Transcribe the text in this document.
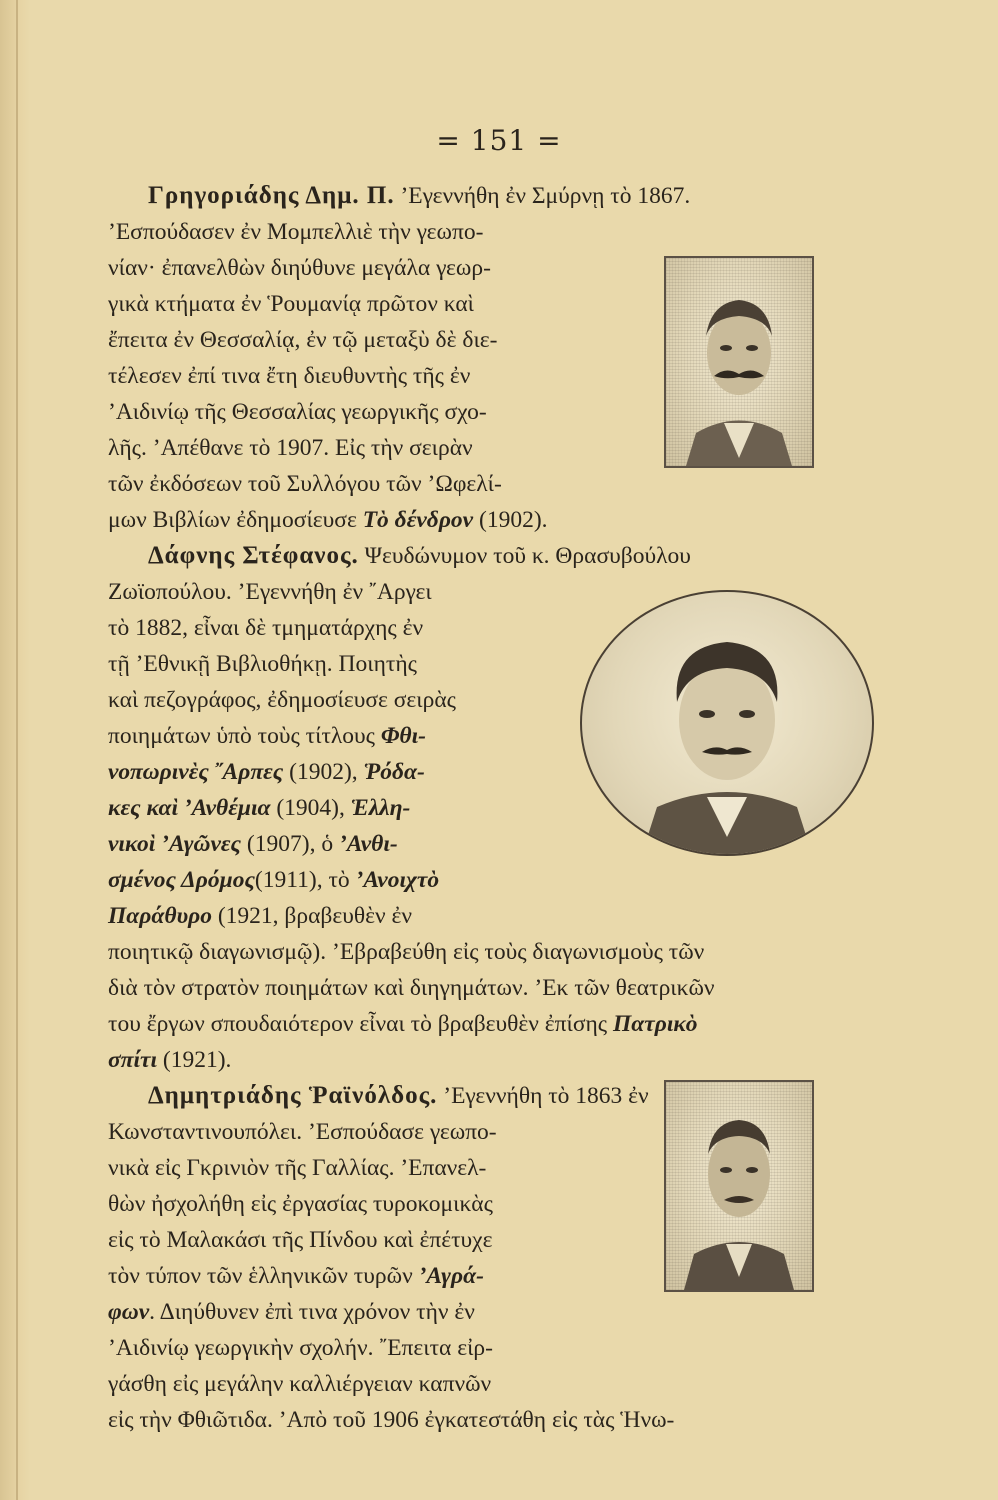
= 151 =
Γρηγοριάδης Δημ. Π. ’Εγεννήθη ἐν Σμύρνῃ τὸ 1867.
’Εσπούδασεν ἐν Μομπελλιὲ τὴν γεωπο-
νίαν· ἐπανελθὼν διηύθυνε μεγάλα γεωρ-
γικὰ κτήματα ἐν Ῥουμανίᾳ πρῶτον καὶ
ἔπειτα ἐν Θεσσαλίᾳ, ἐν τῷ μεταξὺ δὲ διε-
τέλεσεν ἐπί τινα ἔτη διευθυντὴς τῆς ἐν
’Αιδινίῳ τῆς Θεσσαλίας γεωργικῆς σχο-
λῆς. ’Απέθανε τὸ 1907. Εἰς τὴν σειρὰν
τῶν ἐκδόσεων τοῦ Συλλόγου τῶν ’Ωφελί-
μων Βιβλίων ἐδημοσίευσε Τὸ δένδρον (1902).
Δάφνης Στέφανος. Ψευδώνυμον τοῦ κ. Θρασυβούλου
Ζωϊοπούλου. ’Εγεννήθη ἐν ῎Αργει
τὸ 1882, εἶναι δὲ τμηματάρχης ἐν
τῇ ’Εθνικῇ Βιβλιοθήκῃ. Ποιητὴς
καὶ πεζογράφος, ἐδημοσίευσε σειρὰς
ποιημάτων ὑπὸ τοὺς τίτλους Φθι-
νοπωρινὲς ῎Αρπες (1902), Ῥόδα-
κες καὶ ’Ανθέμια (1904), Ἑλλη-
νικοὶ ’Αγῶνες (1907), ὁ ’Ανθι-
σμένος Δρόμος(1911), τὸ ’Ανοιχτὸ
Παράθυρο (1921, βραβευθὲν ἐν
ποιητικῷ διαγωνισμῷ). ’Εβραβεύθη εἰς τοὺς διαγωνισμοὺς τῶν
διὰ τὸν στρατὸν ποιημάτων καὶ διηγημάτων. ’Εκ τῶν θεατρικῶν
του ἔργων σπουδαιότερον εἶναι τὸ βραβευθὲν ἐπίσης Πατρικὸ
σπίτι (1921).
Δημητριάδης Ῥαϊνόλδος. ’Εγεννήθη τὸ 1863 ἐν
Κωνσταντινουπόλει. ’Εσπούδασε γεωπο-
νικὰ εἰς Γκρινιὸν τῆς Γαλλίας. ’Επανελ-
θὼν ἠσχολήθη εἰς ἐργασίας τυροκομικὰς
εἰς τὸ Μαλακάσι τῆς Πίνδου καὶ ἐπέτυχε
τὸν τύπον τῶν ἑλληνικῶν τυρῶν ’Αγρά-
φων. Διηύθυνεν ἐπὶ τινα χρόνον τὴν ἐν
’Αιδινίῳ γεωργικὴν σχολήν. ῎Επειτα εἰρ-
γάσθη εἰς μεγάλην καλλιέργειαν καπνῶν
εἰς τὴν Φθιῶτιδα. ’Απὸ τοῦ 1906 ἐγκατεστάθη εἰς τὰς Ἡνω-
